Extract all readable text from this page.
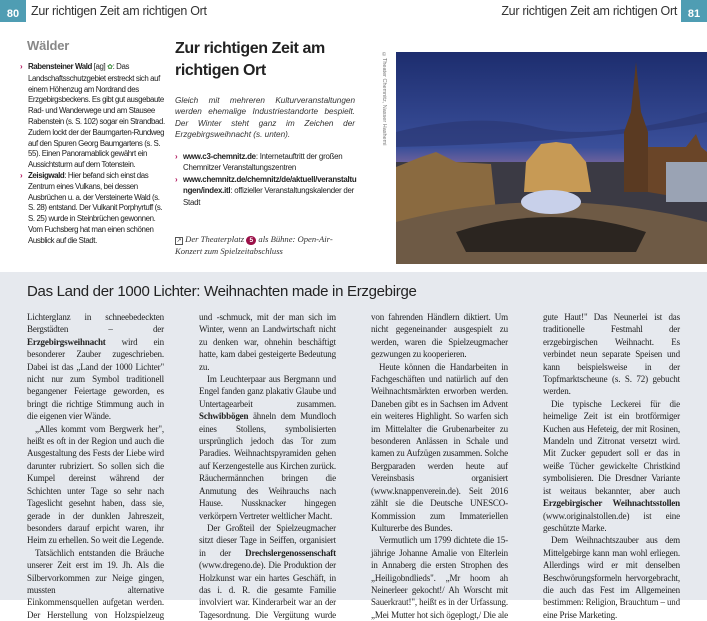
80 Zur richtigen Zeit am richtigen Ort	Zur richtigen Zeit am richtigen Ort 81
Wälder
› Rabensteiner Wald [ag] ✿: Das Landschaftsschutzgebiet erstreckt sich auf einem Höhenzug am Nordrand des Erzgebirgsbeckens. Es gibt gut ausgebaute Rad- und Wanderwege und am Stausee Rabenstein (s. S. 102) sogar ein Strandbad. Zudem lockt der der Baumgarten-Rundweg auf den Spuren Georg Baumgartens (s. S. 55). Einen Panoramablick gewährt ein Aussichtsturm auf dem Totenstein.
› Zeisigwald: Hier befand sich einst das Zentrum eines Vulkans, bei dessen Ausbrüchen u. a. der Versteinerte Wald (s. S. 28) entstand. Der Vulkanit Porphyrtuff (s. S. 25) wurde in Steinbrüchen gewonnen. Vom Fuchsberg hat man einen schönen Ausblick auf die Stadt.
Zur richtigen Zeit am richtigen Ort
Gleich mit mehreren Kulturveranstaltungen werden ehemalige Industriestandorte bespielt. Der Winter steht ganz im Zeichen der Erzgebirgsweihnacht (s. unten).
› www.c3-chemnitz.de: Internetauftritt der großen Chemnitzer Veranstaltungszentren
› www.chemnitz.de/chemnitz/de/aktuell/veranstaltungen/index.itl: offizieller Veranstaltungskalender der Stadt
↗ Der Theaterplatz 5 als Bühne: Open-Air-Konzert zum Spielzeitabschluss
©Theater Chemnitz, Nasser Hashemi
Das Land der 1000 Lichter: Weihnachten made in Erzgebirge

Lichterglanz in schneebedeckten Bergstädten – der Erzgebirgsweihnacht wird ein besonderer Zauber zugeschrieben. Dabei ist das „Land der 1000 Lichter" nicht nur zum Symbol traditionell begangener Feiertage geworden, es bringt die richtige Stimmung auch in die eigenen vier Wände.

„Alles kommt vom Bergwerk her", heißt es oft in der Region und auch die Ausgestaltung des Fests der Liebe wird darunter rubriziert. So sollen sich die Kumpel dereinst während der Schichten unter Tage so sehr nach Tageslicht gesehnt haben, dass sie, gerade in der dunklen Jahreszeit, besonders darauf erpicht waren, ihr Heim zu erhellen. So weit die Legende.

Tatsächlich entstanden die Bräuche unserer Zeit erst im 19. Jh. Als die Silbervorkommen zur Neige gingen, mussten alternative Einkommensquellen aufgetan werden. Der Herstellung von Holzspielzeug und -schmuck, mit der man sich im Winter, wenn an Landwirtschaft nicht zu denken war, ohnehin beschäftigt hatte, kam dabei gesteigerte Bedeutung zu.

Im Leuchterpaar aus Bergmann und Engel fanden ganz plakativ Glaube und Untertagearbeit zusammen. Schwibbögen ähneln dem Mundloch eines Stollens, symbolisierten ursprünglich jedoch das Tor zum Paradies. Weihnachtspyramiden gehen auf Kerzengestelle aus Kirchen zurück. Räuchermännchen bringen die Anmutung des Weihrauchs nach Hause. Nussknacker hingegen verkörpern Vertreter weltlicher Macht.

Der Großteil der Spielzeugmacher sitzt dieser Tage in Seiffen, organisiert in der Drechslergenossenschaft (www.dregeno.de). Die Produktion der Holzkunst war ein hartes Geschäft, in das i. d. R. die gesamte Familie involviert war. Kinderarbeit war an der Tagesordnung. Die Vergütung wurde von fahrenden Händlern diktiert. Um nicht gegeneinander ausgespielt zu werden, waren die Spielzeugmacher gezwungen zu kooperieren.

Heute können die Handarbeiten in Fachgeschäften und natürlich auf den Weihnachtsmärkten erworben werden. Daneben gibt es in Sachsen im Advent ein weiteres Highlight. So warfen sich im Mittelalter die Grubenarbeiter zu besonderen Anlässen in Schale und kamen zu Aufzügen zusammen. Solche Bergparaden werden heute auf Vereinsbasis organisiert (www.knappenverein.de). Seit 2016 zählt sie die Deutsche UNESCO-Kommission zum Immateriellen Kulturerbe des Bundes.

Vermutlich um 1799 dichtete die 15-jährige Johanne Amalie von Elterlein in Annaberg die ersten Strophen des „Heiligobndlieds". „Mr hoom ah Neinerleer gekocht!/ Ah Worscht mit Sauerkraut!", heißt es in der Urfassung. „Mei Mutter hot sich ögeplogt,/ Die ale gute Haut!" Das Neunerlei ist das traditionelle Festmahl der erzgebirgischen Weihnacht. Es verbindet neun separate Speisen und kann beispielsweise in der Topfmarktscheune (s. S. 72) gebucht werden.

Die typische Leckerei für die heimelige Zeit ist ein brotförmiger Kuchen aus Hefeteig, der mit Rosinen, Mandeln und Zitronat versetzt wird. Mit Zucker gepudert soll er das in weiße Tücher gewickelte Christkind symbolisieren. Die Dresdner Variante ist weitaus bekannter, aber auch Erzgebirgischer Weihnachtsstollen (www.originalstollen.de) ist eine geschützte Marke.

Dem Weihnachtszauber aus dem Mittelgebirge kann man wohl erliegen. Allerdings wird er mit denselben Beschwörungsformeln hervorgebracht, die auch das Fest im Allgemeinen bestimmen: Religion, Brauchtum – und eine Prise Marketing.
